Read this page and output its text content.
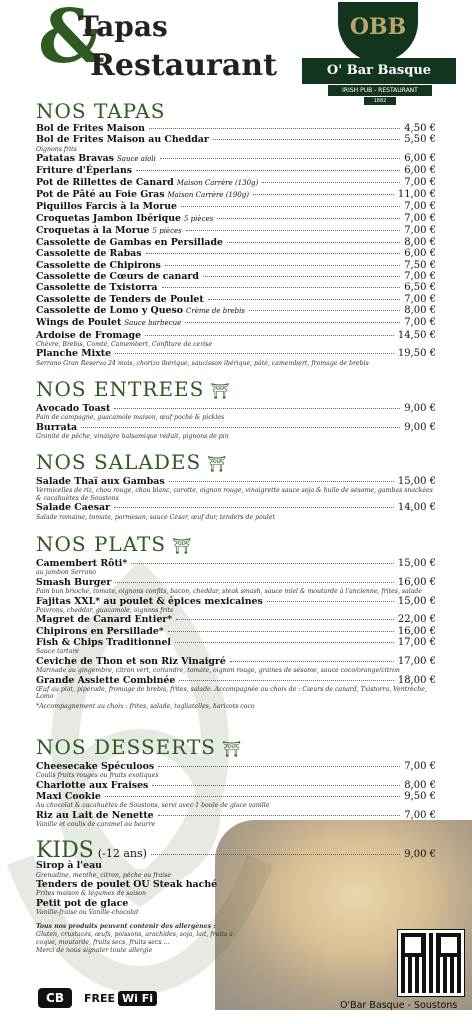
&
Tapas
Restaurant
OBB
O' Bar Basque
IRISH PUB - RESTAURANT
1882
NOS TAPAS
Bol de Frites Maison	4,50 €
Bol de Frites Maison au Cheddar	5,50 €
Oignons frits
Patatas Bravas Sauce aïoli	6,00 €
Friture d'Éperlans	6,00 €
Pot de Rillettes de Canard Maison Carrère (130g)	7,00 €
Pot de Pâté au Foie Gras Maison Carrère (190g)	11,00 €
Piquillos Farcis à la Morue	7,00 €
Croquetas Jambon Ibérique 5 pièces	7,00 €
Croquetas à la Morue 5 pièces	7,00 €
Cassolette de Gambas en Persillade	8,00 €
Cassolette de Rabas	6,00 €
Cassolette de Chipirons	7,50 €
Cassolette de Cœurs de canard	7,00 €
Cassolette de Txistorra	6,50 €
Cassolette de Tenders de Poulet	7,00 €
Cassolette de Lomo y Queso Crème de brebis	8,00 €
Wings de Poulet Sauce barbecue	7,00 €
Ardoise de Fromage	14,50 €
Chèvre, Brebis, Comté, Camembert, Confiture de cerise
Planche Mixte	19,50 €
Serrano Gran Reserva 24 mois, chorizo ibérique, saucisson ibérique, pâté, camembert, fromage de brebis
NOS ENTREES ⛩
Avocado Toast	9,00 €
Pain de campagne, guacamole maison, œuf poché & pickles
Burrata	9,00 €
Granité de pêche, vinaigre balsamique réduit, pignons de pin
NOS SALADES ⛩
Salade Thaï aux Gambas	15,00 €
Vermicelles de riz, chou rouge, chou blanc, carotte, oignon rouge, vinaigrette sauce soja & huile de sésame, gambas snackées & cacahuètes de Soustons
Salade Caesar	14,00 €
Salade romaine, tomate, parmesan, sauce César, œuf dur, tenders de poulet
NOS PLATS ⛩
Camembert Rôti*	15,00 €
au jambon Serrano
Smash Burger	16,00 €
Pain bun brioché, tomate, oignons confits, bacon, cheddar, steak smash, sauce miel & moutarde à l'ancienne, frites, salade
Fajitas XXL* au poulet & épices mexicaines	15,00 €
Poivrons, cheddar, guacamole, oignons frits
Magret de Canard Entier*	22,00 €
Chipirons en Persillade*	16,00 €
Fish & Chips Traditionnel	17,00 €
Sauce tartare
Ceviche de Thon et son Riz Vinaigré	17,00 €
Marinade au gingembre, citron vert, coriandre, tomate, oignon rouge, graines de sésame, sauce coco/orange/citron
Grande Assiette Combinée	18,00 €
Œuf au plat, pipérade, fromage de brebis, frites, salade. Accompagnée au choix de : Cœurs de canard, Txistorra, Ventrèche, Lomo
*Accompagnement au choix : frites, salade, tagliatelles, haricots coco
NOS DESSERTS ⛩
Cheesecake Spéculoos	7,00 €
Coulis fruits rouges ou fruits exotiques
Charlotte aux Fraises	8,00 €
Maxi Cookie	9,50 €
Au chocolat & cacahuètes de Soustons, servi avec 1 boule de glace vanille
Riz au Lait de Nenette	7,00 €
Vanille et coulis de caramel au beurre
KIDS (-12 ans)	9,00 €
Sirop à l'eau
Grenadine, menthe, citron, pêche ou fraise
Tenders de poulet OU Steak haché
Frites maison & légumes de saison
Petit pot de glace
Vanille-fraise ou Vanille-chocolat
Tous nos produits peuvent contenir des allergènes :
Gluten, crustacés, œufs, poissons, arachides, soja, lait, fruits à coque, moutarde, fruits secs, fruits secs ...
Merci de nous signaler toute allergie
CB	FREE Wi Fi
O'Bar Basque - Soustons
